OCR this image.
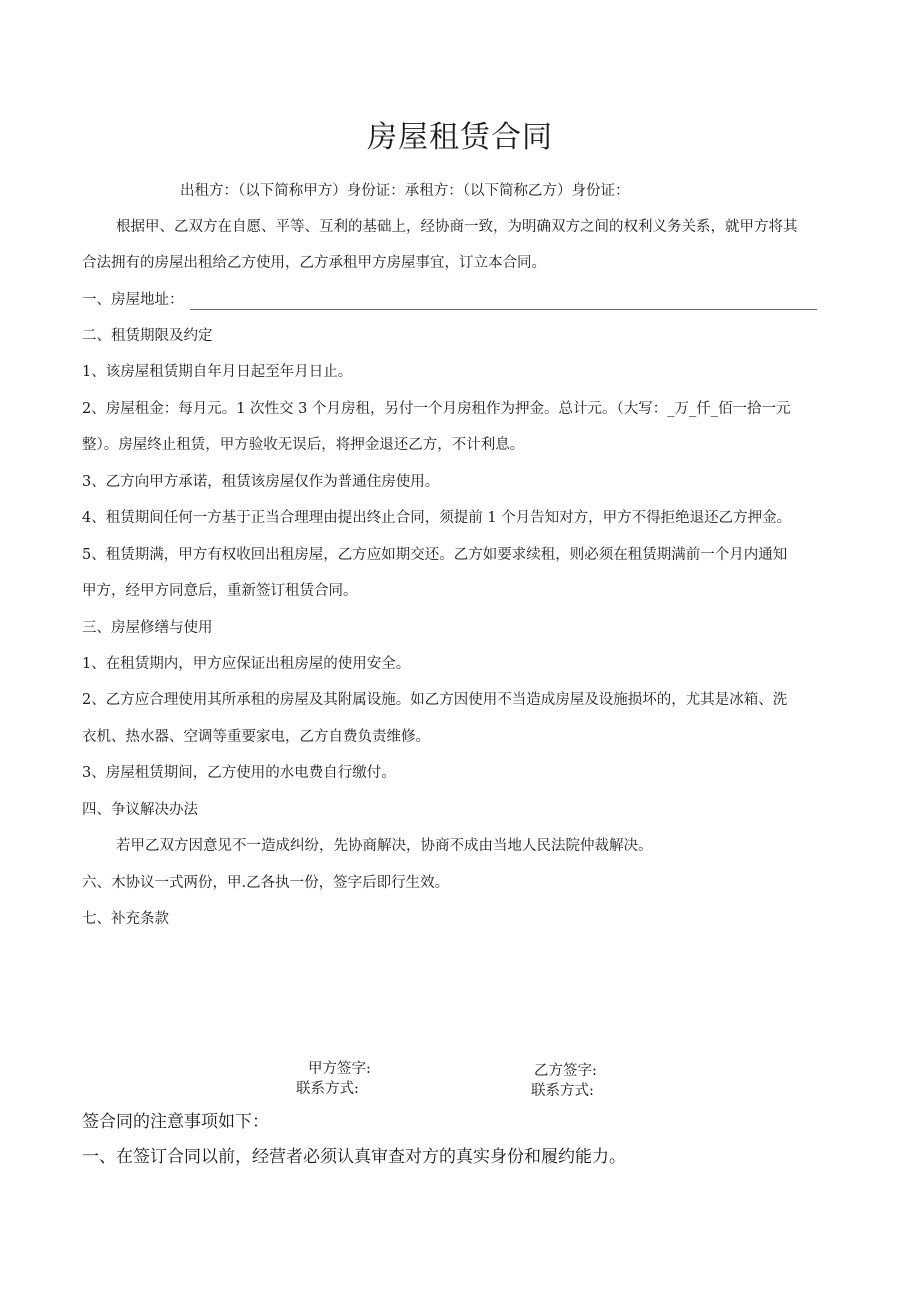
房屋租赁合同

出租方：（以下简称甲方）身份证：承租方：（以下简称乙方）身份证：

根据甲、乙双方在自愿、平等、互利的基础上，经协商一致，为明确双方之间的权利义务关系，就甲方将其

合法拥有的房屋出租给乙方使用，乙方承租甲方房屋事宜，订立本合同。

一、房屋地址：

二、租赁期限及约定

1、该房屋租赁期自年月日起至年月日止。

2、房屋租金：每月元。1 次性交 3 个月房租，另付一个月房租作为押金。总计元。（大写：_万_仟_佰一拾一元

整）。房屋终止租赁，甲方验收无误后，将押金退还乙方，不计利息。

3、乙方向甲方承诺，租赁该房屋仅作为普通住房使用。

4、租赁期间任何一方基于正当合理理由提出终止合同，须提前 1 个月告知对方，甲方不得拒绝退还乙方押金。

5、租赁期满，甲方有权收回出租房屋，乙方应如期交还。乙方如要求续租，则必须在租赁期满前一个月内通知

甲方，经甲方同意后，重新签订租赁合同。

三、房屋修缮与使用

1、在租赁期内，甲方应保证出租房屋的使用安全。

2、乙方应合理使用其所承租的房屋及其附属设施。如乙方因使用不当造成房屋及设施损坏的，尤其是冰箱、洗

衣机、热水器、空调等重要家电，乙方自费负责维修。

3、房屋租赁期间，乙方使用的水电费自行缴付。

四、争议解决办法

若甲乙双方因意见不一造成纠纷，先协商解决，协商不成由当地人民法院仲裁解决。

六、木协议一式两份，甲.乙各执一份，签字后即行生效。

七、补充条款

甲方签字:
联系方式:
乙方签字:
联系方式:

签合同的注意事项如下：

一、在签订合同以前，经营者必须认真审查对方的真实身份和履约能力。
